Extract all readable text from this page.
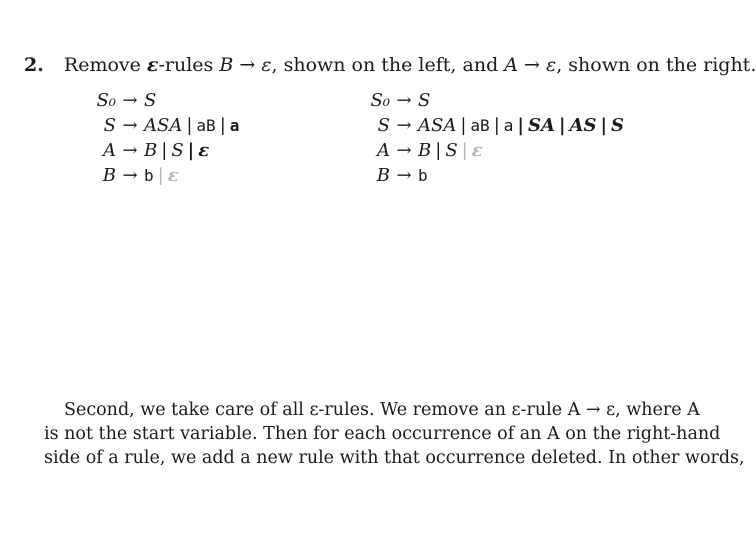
2. Remove ε-rules B → ε, shown on the left, and A → ε, shown on the right.
S₀ → S
S → ASA | aB | a
A → B | S | ε
B → b | ε
S₀ → S
S → ASA | aB | a | SA | AS | S
A → B | S | ε
B → b

Second, we take care of all ε-rules. We remove an ε-rule A → ε, where A

is not the start variable. Then for each occurrence of an A on the right-hand

side of a rule, we add a new rule with that occurrence deleted. In other words,
